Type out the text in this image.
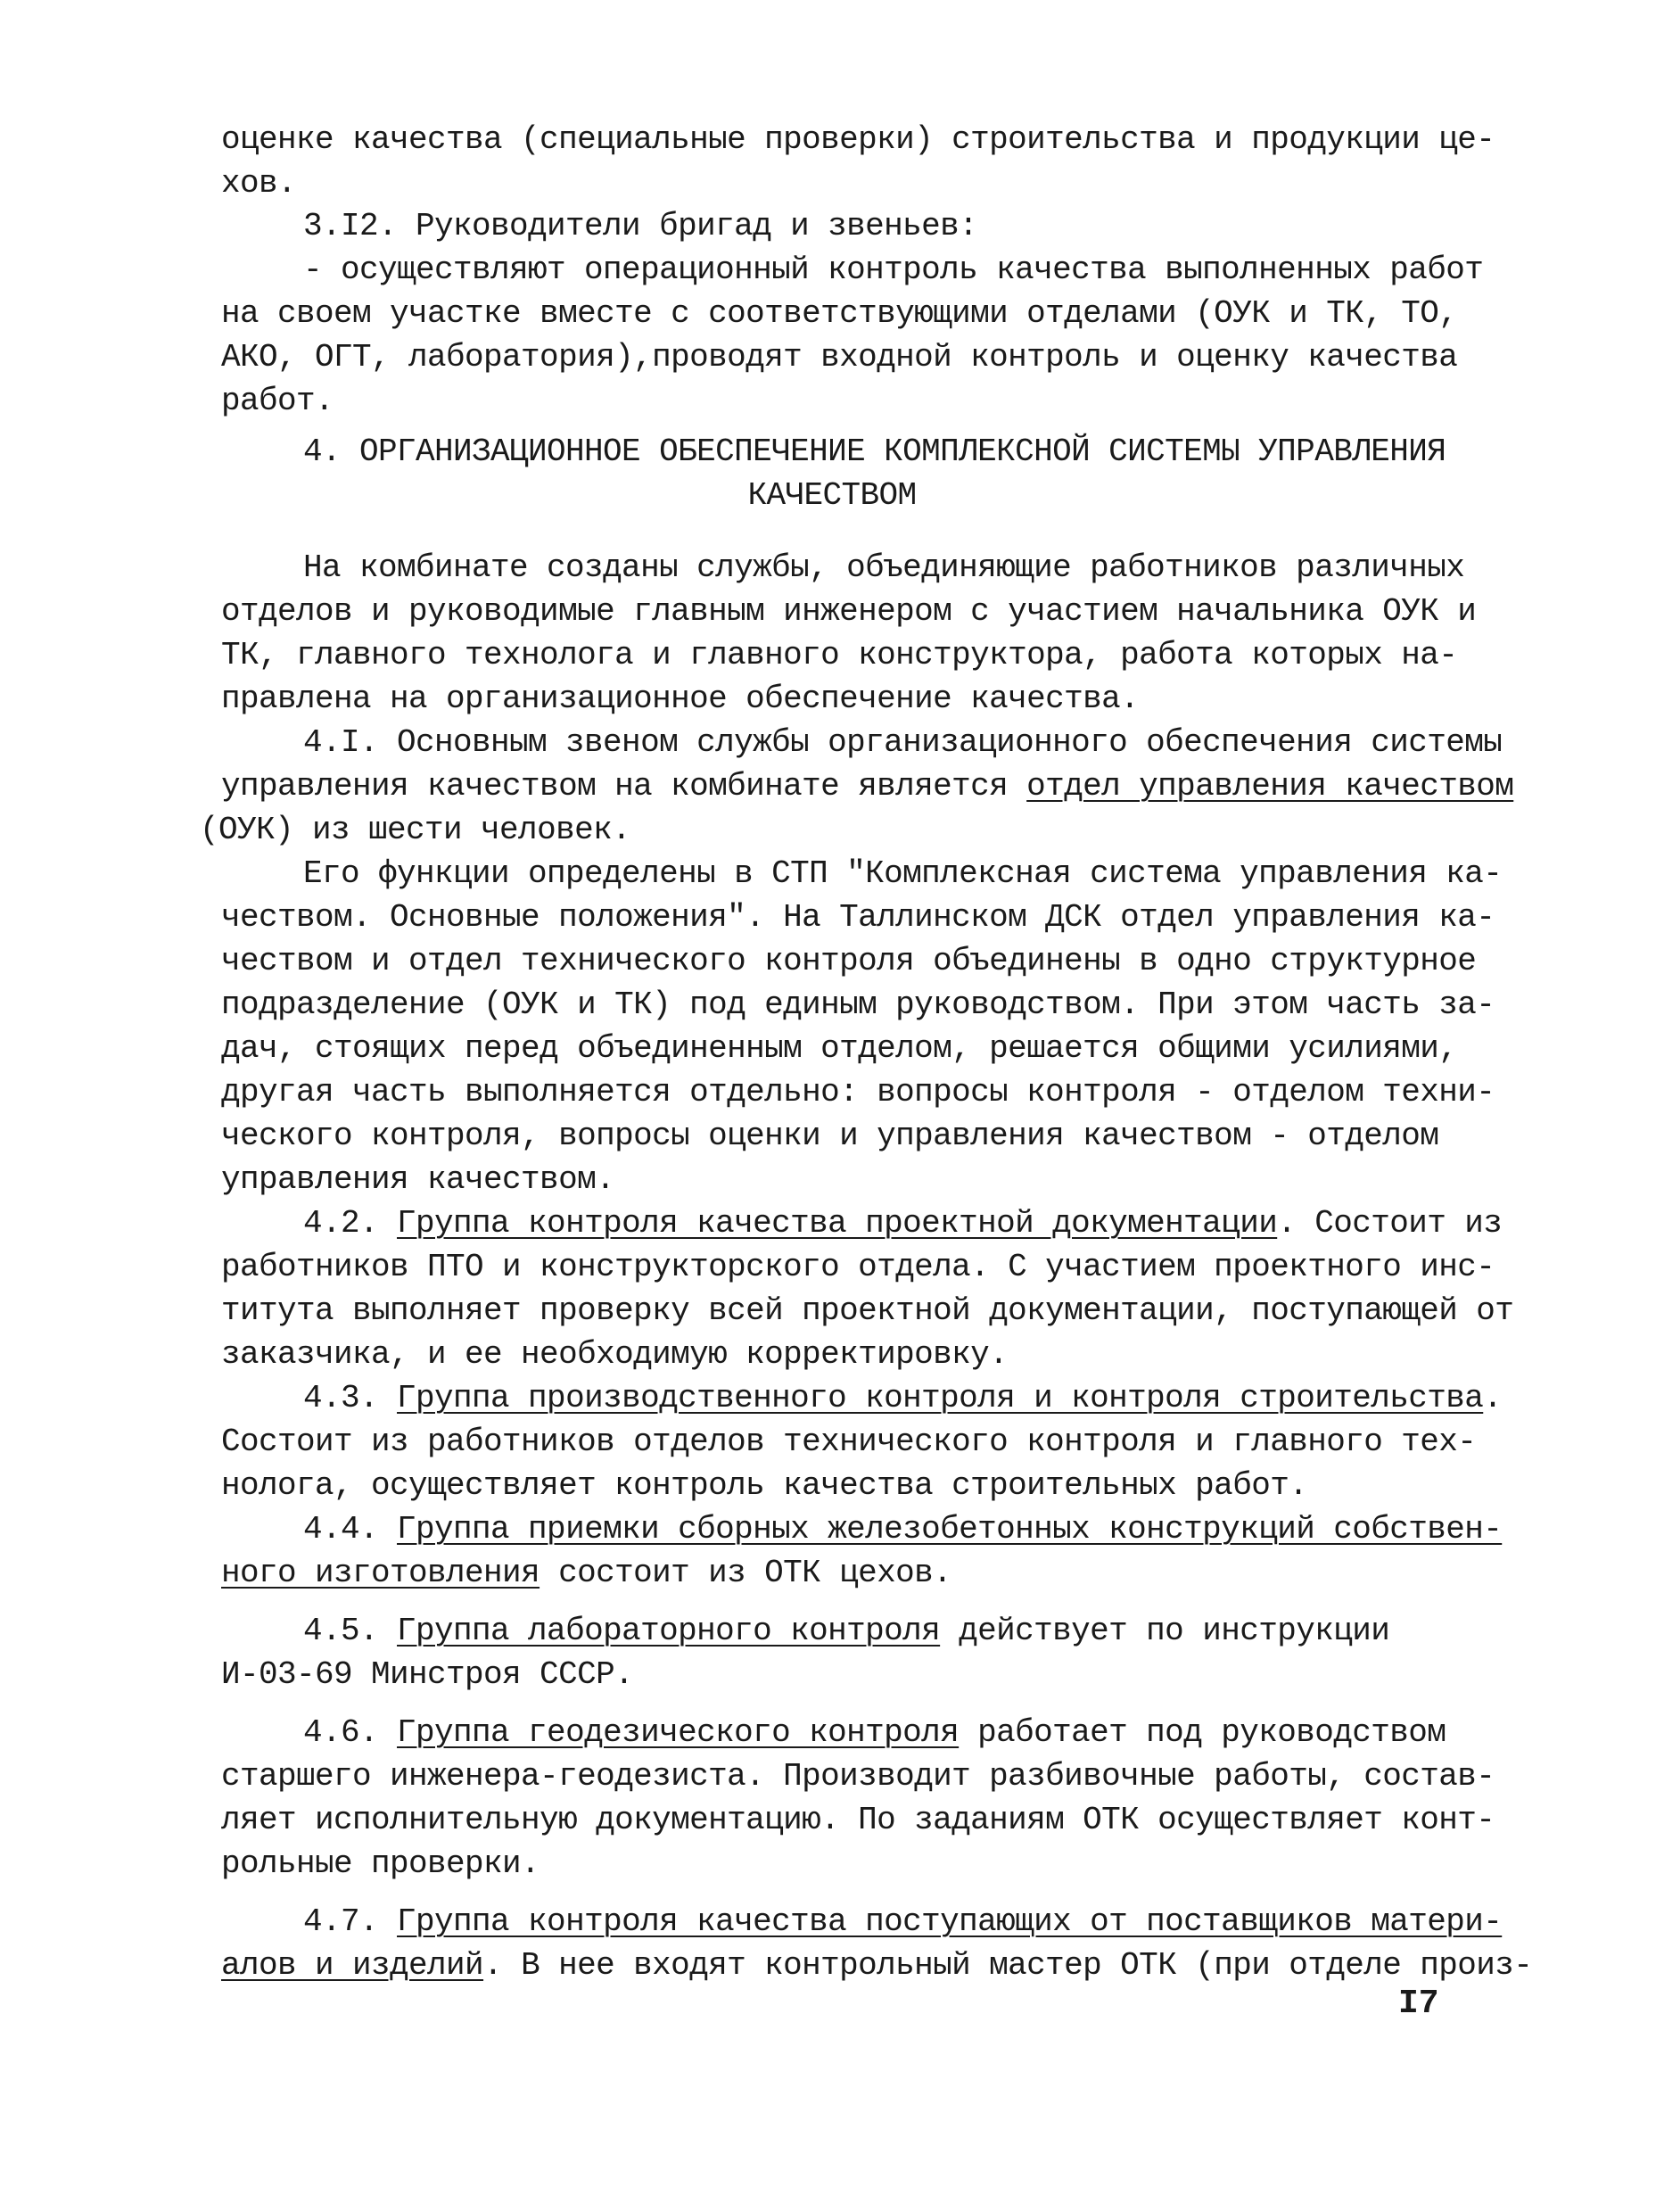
оценке качества (специальные проверки) строительства и продукции це-
хов.
3.I2. Руководители бригад и звеньев:
- осуществляют операционный контроль качества выполненных работ
на своем участке вместе с соответствующими отделами (ОУК и ТК, ТО,
АКО, ОГТ, лаборатория),проводят входной контроль и оценку качества
работ.
4. ОРГАНИЗАЦИОННОЕ ОБЕСПЕЧЕНИЕ КОМПЛЕКСНОЙ СИСТЕМЫ УПРАВЛЕНИЯ
КАЧЕСТВОМ
На комбинате созданы службы, объединяющие работников различных
отделов и руководимые главным инженером с участием начальника ОУК и
ТК, главного технолога и главного конструктора, работа которых на-
правлена на организационное обеспечение качества.
4.I. Основным звеном службы организационного обеспечения системы
управления качеством на комбинате является отдел управления качеством
(ОУК) из шести человек.
Его функции определены в СТП "Комплексная система управления ка-
чеством. Основные положения". На Таллинском ДСК отдел управления ка-
чеством и отдел технического контроля объединены в одно структурное
подразделение (ОУК и ТК) под единым руководством. При этом часть за-
дач, стоящих перед объединенным отделом, решается общими усилиями,
другая часть выполняется отдельно: вопросы контроля - отделом техни-
ческого контроля, вопросы оценки и управления качеством - отделом
управления качеством.
4.2. Группа контроля качества проектной документации. Состоит из
работников ПТО и конструкторского отдела. С участием проектного инс-
титута выполняет проверку всей проектной документации, поступающей от
заказчика, и ее необходимую корректировку.
4.3. Группа производственного контроля и контроля строительства.
Состоит из работников отделов технического контроля и главного тех-
нолога, осуществляет контроль качества строительных работ.
4.4. Группа приемки сборных железобетонных конструкций собствен-
ного изготовления состоит из ОТК цехов.
4.5. Группа лабораторного контроля действует по инструкции
И-03-69 Минстроя СССР.
4.6. Группа геодезического контроля работает под руководством
старшего инженера-геодезиста. Производит разбивочные работы, состав-
ляет исполнительную документацию. По заданиям ОТК осуществляет конт-
рольные проверки.
4.7. Группа контроля качества поступающих от поставщиков матери-
алов и изделий. В нее входят контрольный мастер ОТК (при отделе произ-
I7
